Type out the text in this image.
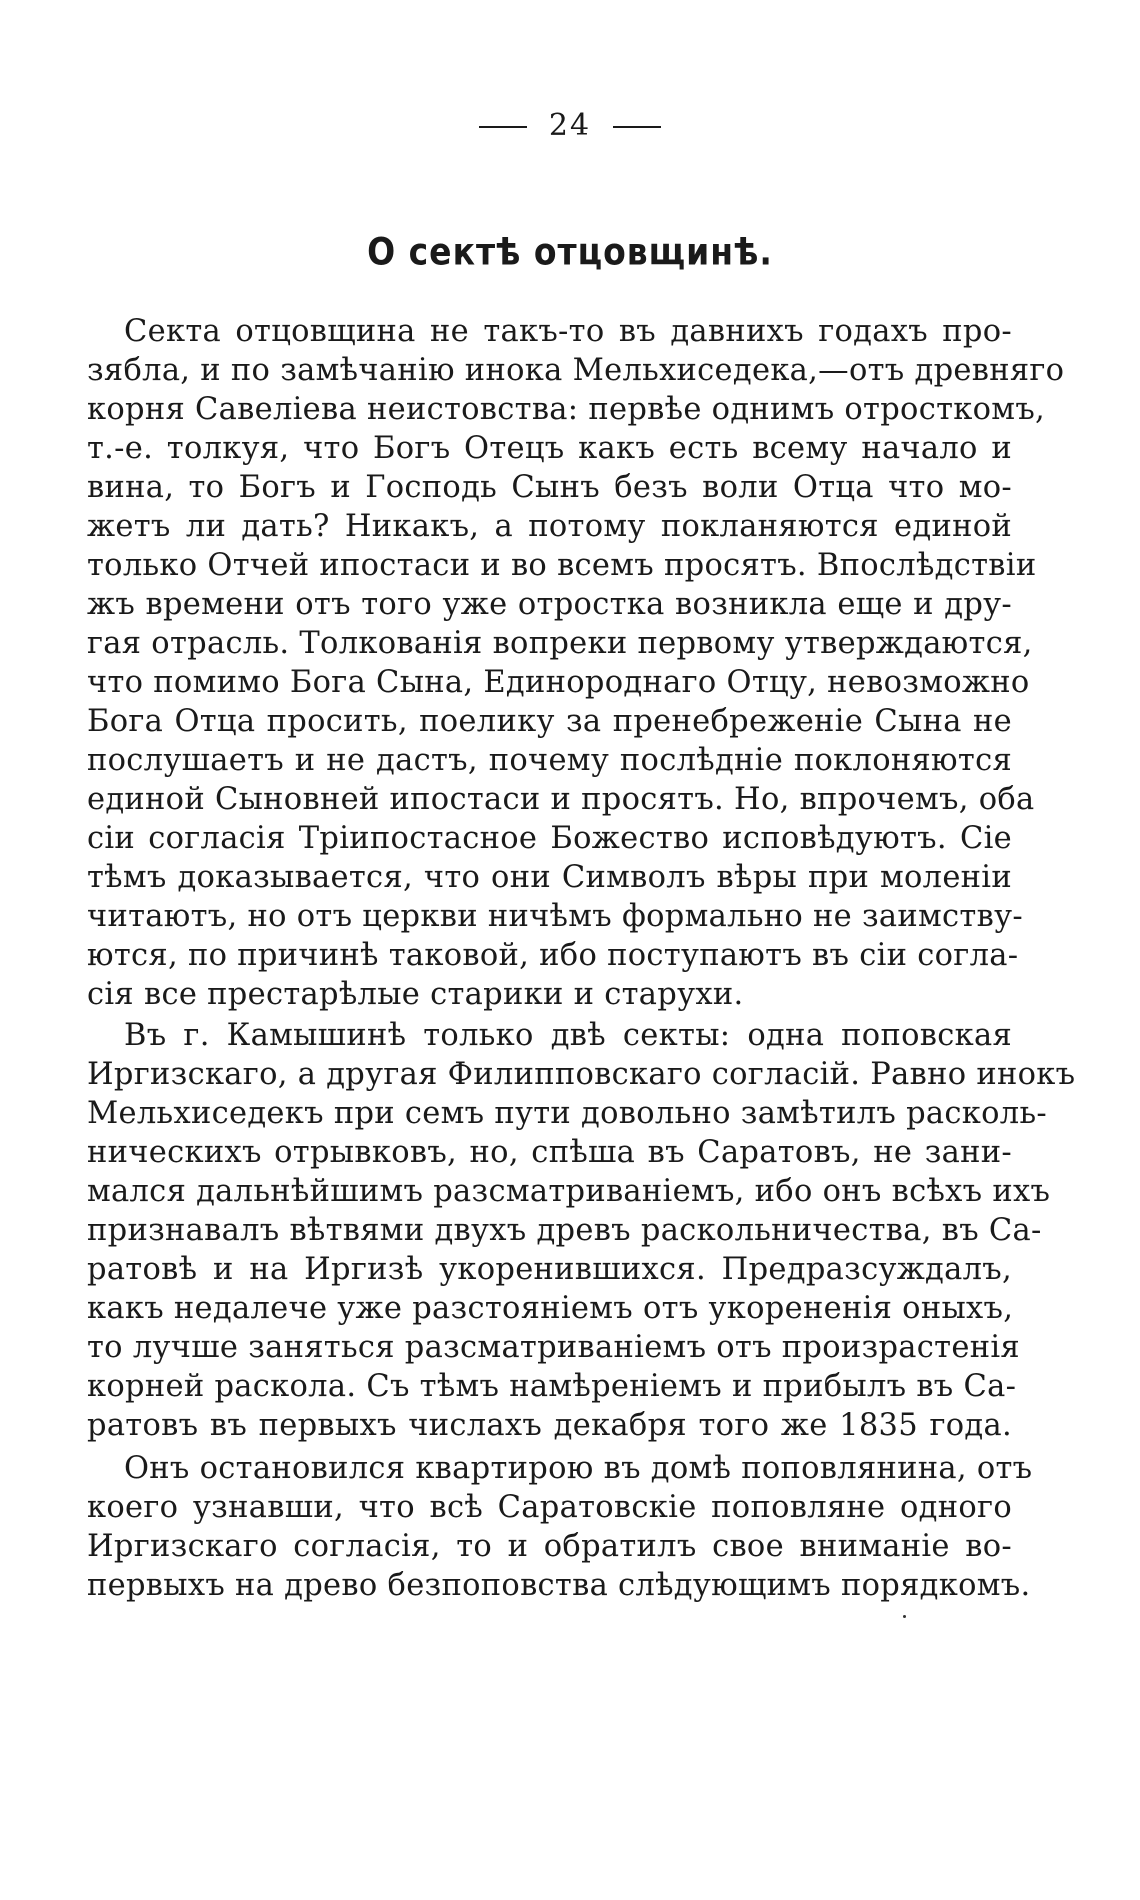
24
О сектѣ отцовщинѣ.
Секта отцовщина не такъ-то въ давнихъ годахъ про-
зябла, и по замѣчанію инока Мельхиседека,—отъ древняго
корня Савеліева неистовства: первѣе однимъ отросткомъ,
т.-е. толкуя, что Богъ Отецъ какъ есть всему начало и
вина, то Богъ и Господь Сынъ безъ воли Отца что мо-
жетъ ли дать? Никакъ, а потому покланяются единой
только Отчей ипостаси и во всемъ просятъ. Впослѣдствіи
жъ времени отъ того уже отростка возникла еще и дру-
гая отрасль. Толкованія вопреки первому утверждаются,
что помимо Бога Сына, Единороднаго Отцу, невозможно
Бога Отца просить, поелику за пренебреженіе Сына не
послушаетъ и не дастъ, почему послѣдніе поклоняются
единой Сыновней ипостаси и просятъ. Но, впрочемъ, оба
сіи согласія Тріипостасное Божество исповѣдуютъ. Сіе
тѣмъ доказывается, что они Символъ вѣры при моленіи
читаютъ, но отъ церкви ничѣмъ формально не заимству-
ются, по причинѣ таковой, ибо поступаютъ въ сіи согла-
сія все престарѣлые старики и старухи.
Въ г. Камышинѣ только двѣ секты: одна поповская
Иргизскаго, а другая Филипповскаго согласій. Равно инокъ
Мельхиседекъ при семъ пути довольно замѣтилъ расколь-
ническихъ отрывковъ, но, спѣша въ Саратовъ, не зани-
мался дальнѣйшимъ разсматриваніемъ, ибо онъ всѣхъ ихъ
признавалъ вѣтвями двухъ древъ раскольничества, въ Са-
ратовѣ и на Иргизѣ укоренившихся. Предразсуждалъ,
какъ недалече уже разстояніемъ отъ укорененія оныхъ,
то лучше заняться разсматриваніемъ отъ произрастенія
корней раскола. Съ тѣмъ намѣреніемъ и прибылъ въ Са-
ратовъ въ первыхъ числахъ декабря того же 1835 года.
Онъ остановился квартирою въ домѣ поповлянина, отъ
коего узнавши, что всѣ Саратовскіе поповляне одного
Иргизскаго согласія, то и обратилъ свое вниманіе во-
первыхъ на древо безпоповства слѣдующимъ порядкомъ.
